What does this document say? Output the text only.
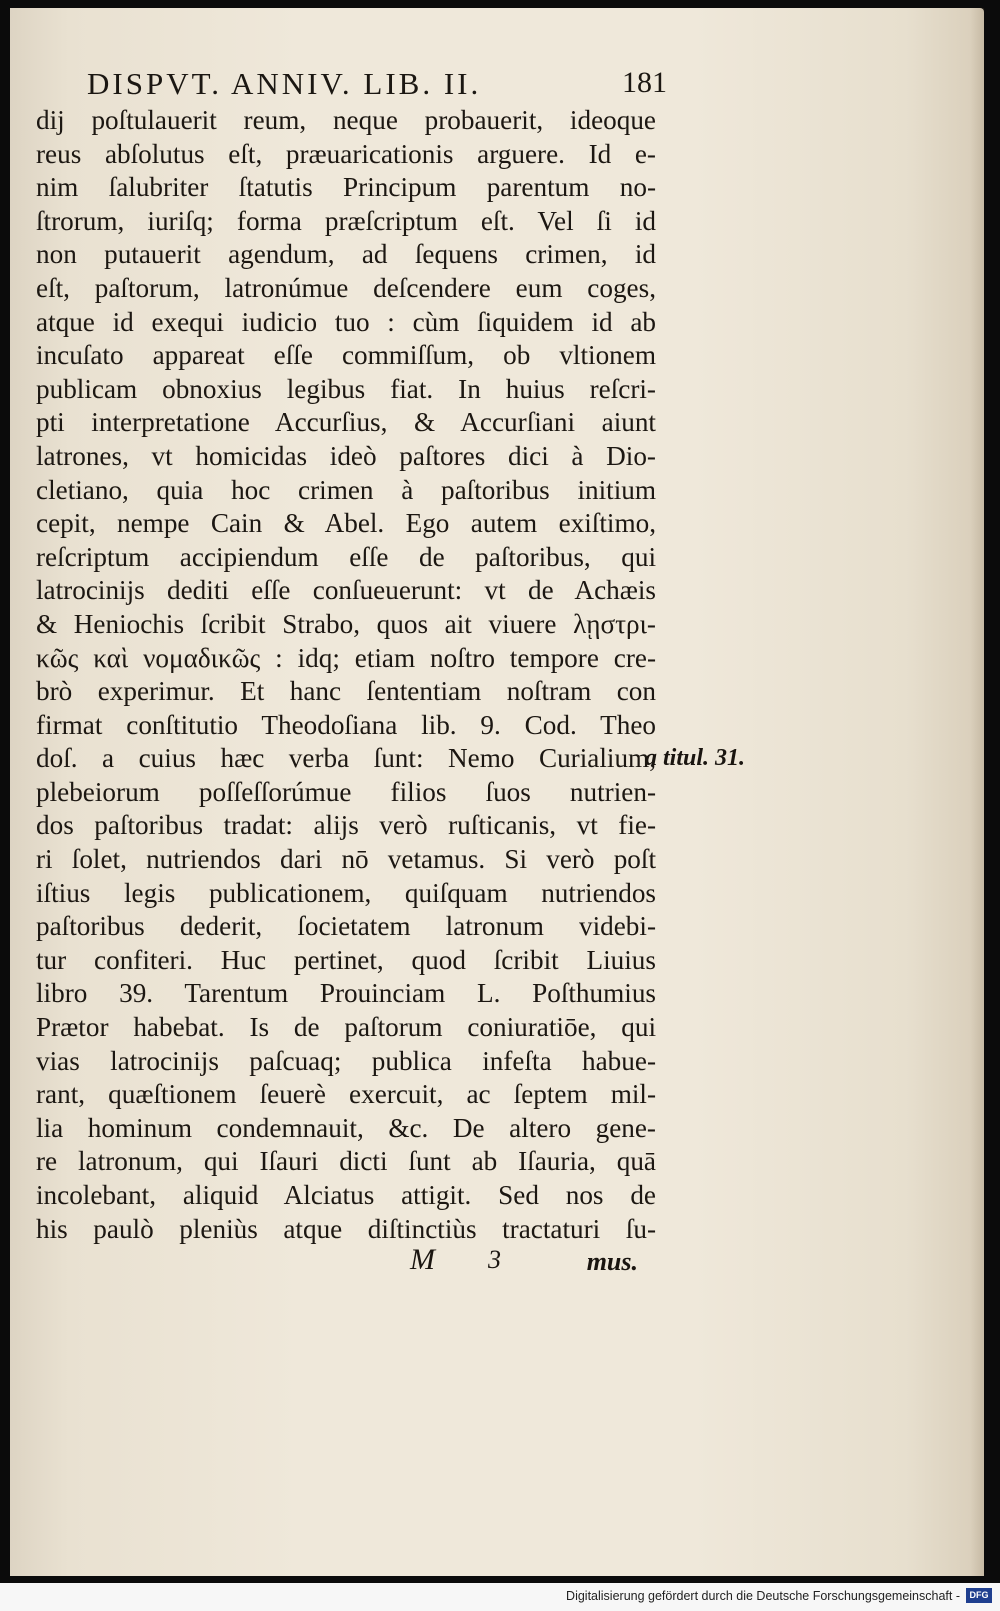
DISPVT. ANNIV. LIB. II.	181
dij poſtulauerit reum, neque probauerit, ideoque
reus abſolutus eſt, præuaricationis arguere. Id e-
nim ſalubriter ſtatutis Principum parentum no-
ſtrorum, iuriſq; forma præſcriptum eſt. Vel ſi id
non putauerit agendum, ad ſequens crimen, id
eſt, paſtorum, latronúmue deſcendere eum coges,
atque id exequi iudicio tuo : cùm ſiquidem id ab
incuſato appareat eſſe commiſſum, ob vltionem
publicam obnoxius legibus fiat. In huius reſcri-
pti interpretatione Accurſius, & Accurſiani aiunt
latrones, vt homicidas ideò paſtores dici à Dio-
cletiano, quia hoc crimen à paſtoribus initium
cepit, nempe Cain & Abel. Ego autem exiſtimo,
reſcriptum accipiendum eſſe de paſtoribus, qui
latrocinijs dediti eſſe conſueuerunt: vt de Achæis
& Heniochis ſcribit Strabo, quos ait viuere λῃστρι-
κῶς καὶ νομαδικῶς : idq; etiam noſtro tempore cre-
brò experimur. Et hanc ſententiam noſtram con
firmat conſtitutio Theodoſiana lib. 9. Cod. Theo
doſ. a cuius hæc verba ſunt: Nemo Curialium,
plebeiorum poſſeſſorúmue filios ſuos nutrien-
dos paſtoribus tradat: alijs verò ruſticanis, vt fie-
ri ſolet, nutriendos dari nō vetamus. Si verò poſt
iſtius legis publicationem, quiſquam nutriendos
paſtoribus dederit, ſocietatem latronum videbi-
tur confiteri. Huc pertinet, quod ſcribit Liuius
libro 39. Tarentum Prouinciam L. Poſthumius
Prætor habebat. Is de paſtorum coniuratiōe, qui
vias latrocinijs paſcuaq; publica infeſta habue-
rant, quæſtionem ſeuerè exercuit, ac ſeptem mil-
lia hominum condemnauit, &c. De altero gene-
re latronum, qui Iſauri dicti ſunt ab Iſauria, quā
incolebant, aliquid Alciatus attigit. Sed nos de
his paulò pleniùs atque diſtinctiùs tractaturi ſu-
a titul. 31.
M 3	mus.
Digitalisierung gefördert durch die Deutsche Forschungsgemeinschaft -	DFG
